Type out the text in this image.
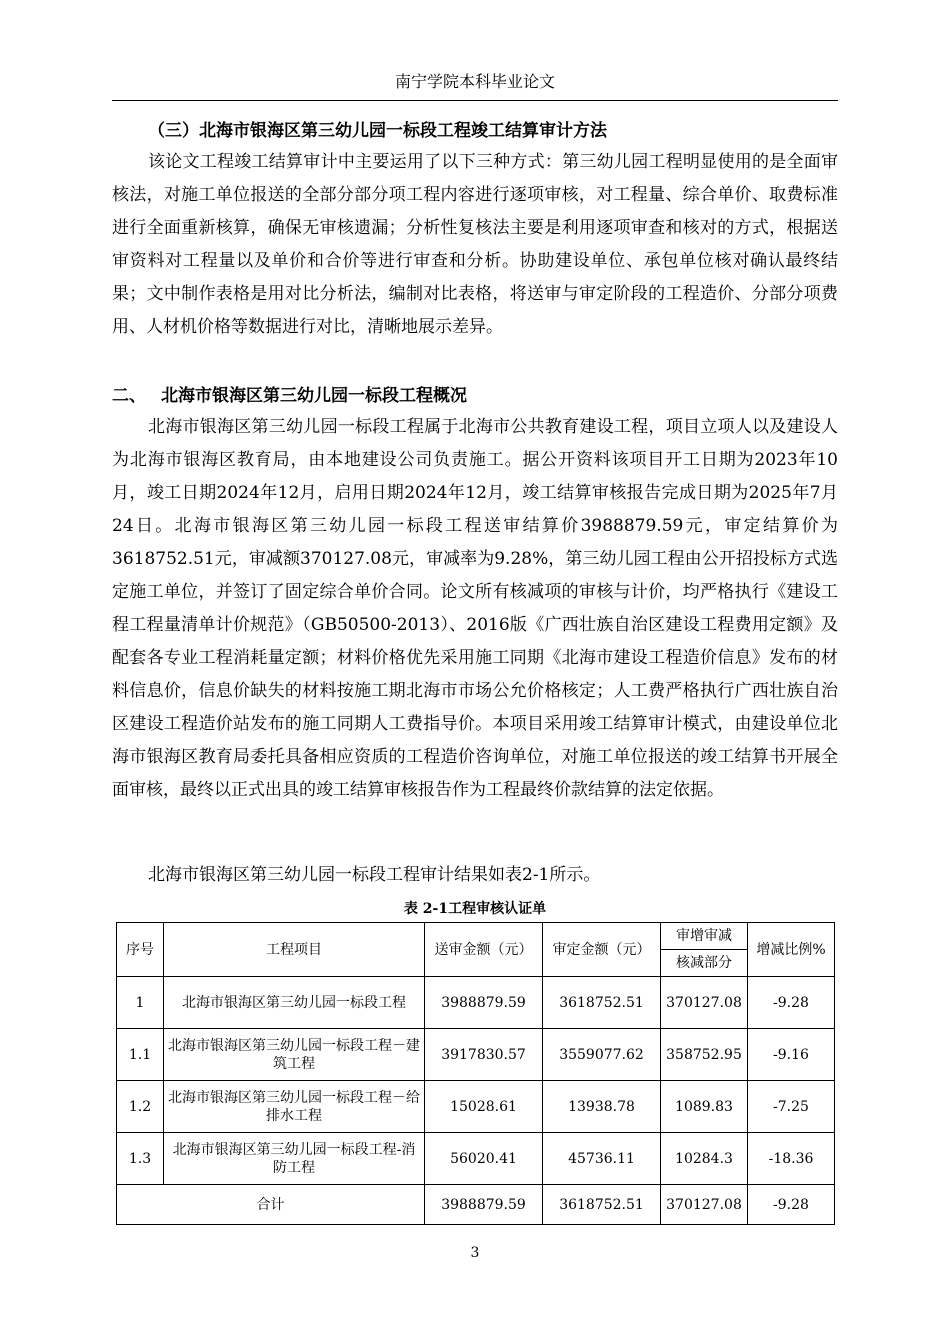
南宁学院本科毕业论文
（三）北海市银海区第三幼儿园一标段工程竣工结算审计方法

该论文工程竣工结算审计中主要运用了以下三种方式：第三幼儿园工程明显使用的是全面审核法，对施工单位报送的全部分部分项工程内容进行逐项审核，对工程量、综合单价、取费标准进行全面重新核算，确保无审核遗漏；分析性复核法主要是利用逐项审查和核对的方式，根据送审资料对工程量以及单价和合价等进行审查和分析。协助建设单位、承包单位核对确认最终结果；文中制作表格是用对比分析法，编制对比表格，将送审与审定阶段的工程造价、分部分项费用、人材机价格等数据进行对比，清晰地展示差异。

二、 北海市银海区第三幼儿园一标段工程概况

北海市银海区第三幼儿园一标段工程属于北海市公共教育建设工程，项目立项人以及建设人为北海市银海区教育局，由本地建设公司负责施工。据公开资料该项目开工日期为2023年10月，竣工日期2024年12月，启用日期2024年12月，竣工结算审核报告完成日期为2025年7月24日。北海市银海区第三幼儿园一标段工程送审结算价3988879.59元，审定结算价为3618752.51元，审减额370127.08元，审减率为9.28%，第三幼儿园工程由公开招投标方式选定施工单位，并签订了固定综合单价合同。论文所有核减项的审核与计价，均严格执行《建设工程工程量清单计价规范》（GB50500-2013）、2016版《广西壮族自治区建设工程费用定额》及配套各专业工程消耗量定额；材料价格优先采用施工同期《北海市建设工程造价信息》发布的材料信息价，信息价缺失的材料按施工期北海市市场公允价格核定；人工费严格执行广西壮族自治区建设工程造价站发布的施工同期人工费指导价。本项目采用竣工结算审计模式，由建设单位北海市银海区教育局委托具备相应资质的工程造价咨询单位，对施工单位报送的竣工结算书开展全面审核，最终以正式出具的竣工结算审核报告作为工程最终价款结算的法定依据。

北海市银海区第三幼儿园一标段工程审计结果如表2-1所示。

表 2-1工程审核认证单
序号	工程项目	送审金额（元）	审定金额（元）	审增审减	增减比例%
				核减部分	
1	北海市银海区第三幼儿园一标段工程	3988879.59	3618752.51	370127.08	-9.28
1.1	北海市银海区第三幼儿园一标段工程－建筑工程	3917830.57	3559077.62	358752.95	-9.16
1.2	北海市银海区第三幼儿园一标段工程－给排水工程	15028.61	13938.78	1089.83	-7.25
1.3	北海市银海区第三幼儿园一标段工程-消防工程	56020.41	45736.11	10284.3	-18.36
合计		3988879.59	3618752.51	370127.08	-9.28
3
